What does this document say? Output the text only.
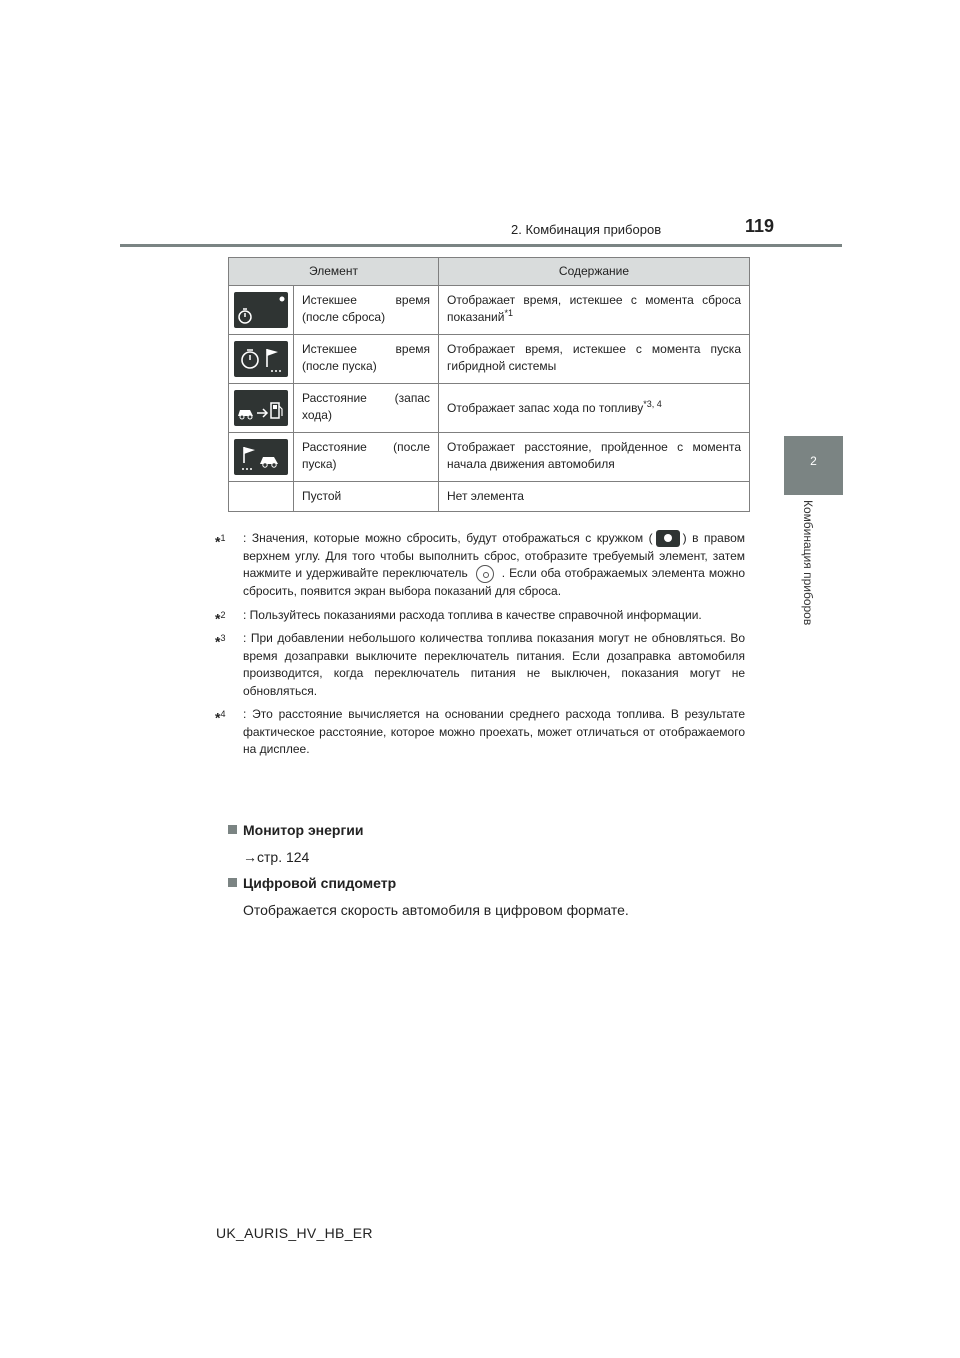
2. Комбинация приборов	119
2
Комбинация приборов
Элемент		Содержание

	Истекшее время (после сброса)	Отображает время, истекшее с момента сброса показаний$^{*1}$

	Истекшее время (после пуска)	Отображает время, истекшее с момента пуска гибридной системы

	Расстояние (запас хода)	Отображает запас хода по топливу$^{*3, 4}$

	Расстояние (после пуска)	Отображает расстояние, пройденное с момента начала движения автомобиля
	Пустой	Нет элемента
*$^1$ : Значения, которые можно сбросить, будут отображаться с кружком (	) в правом верхнем углу. Для того чтобы выполнить сброс, отобразите требуемый элемент, затем нажмите и удерживайте переключатель	. Если оба отображаемых элемента можно сбросить, появится экран выбора показаний для сброса.
*$^2$ : Пользуйтесь показаниями расхода топлива в качестве справочной информации.
*$^3$ : При добавлении небольшого количества топлива показания могут не обновляться. Во время дозаправки выключите переключатель питания. Если дозаправка автомобиля производится, когда переключатель питания не выключен, показания могут не обновляться.
*$^4$ : Это расстояние вычисляется на основании среднего расхода топлива. В результате фактическое расстояние, которое можно проехать, может отличаться от отображаемого на дисплее.
Монитор энергии
→стр. 124
Цифровой спидометр
Отображается скорость автомобиля в цифровом формате.
UK_AURIS_HV_HB_ER
